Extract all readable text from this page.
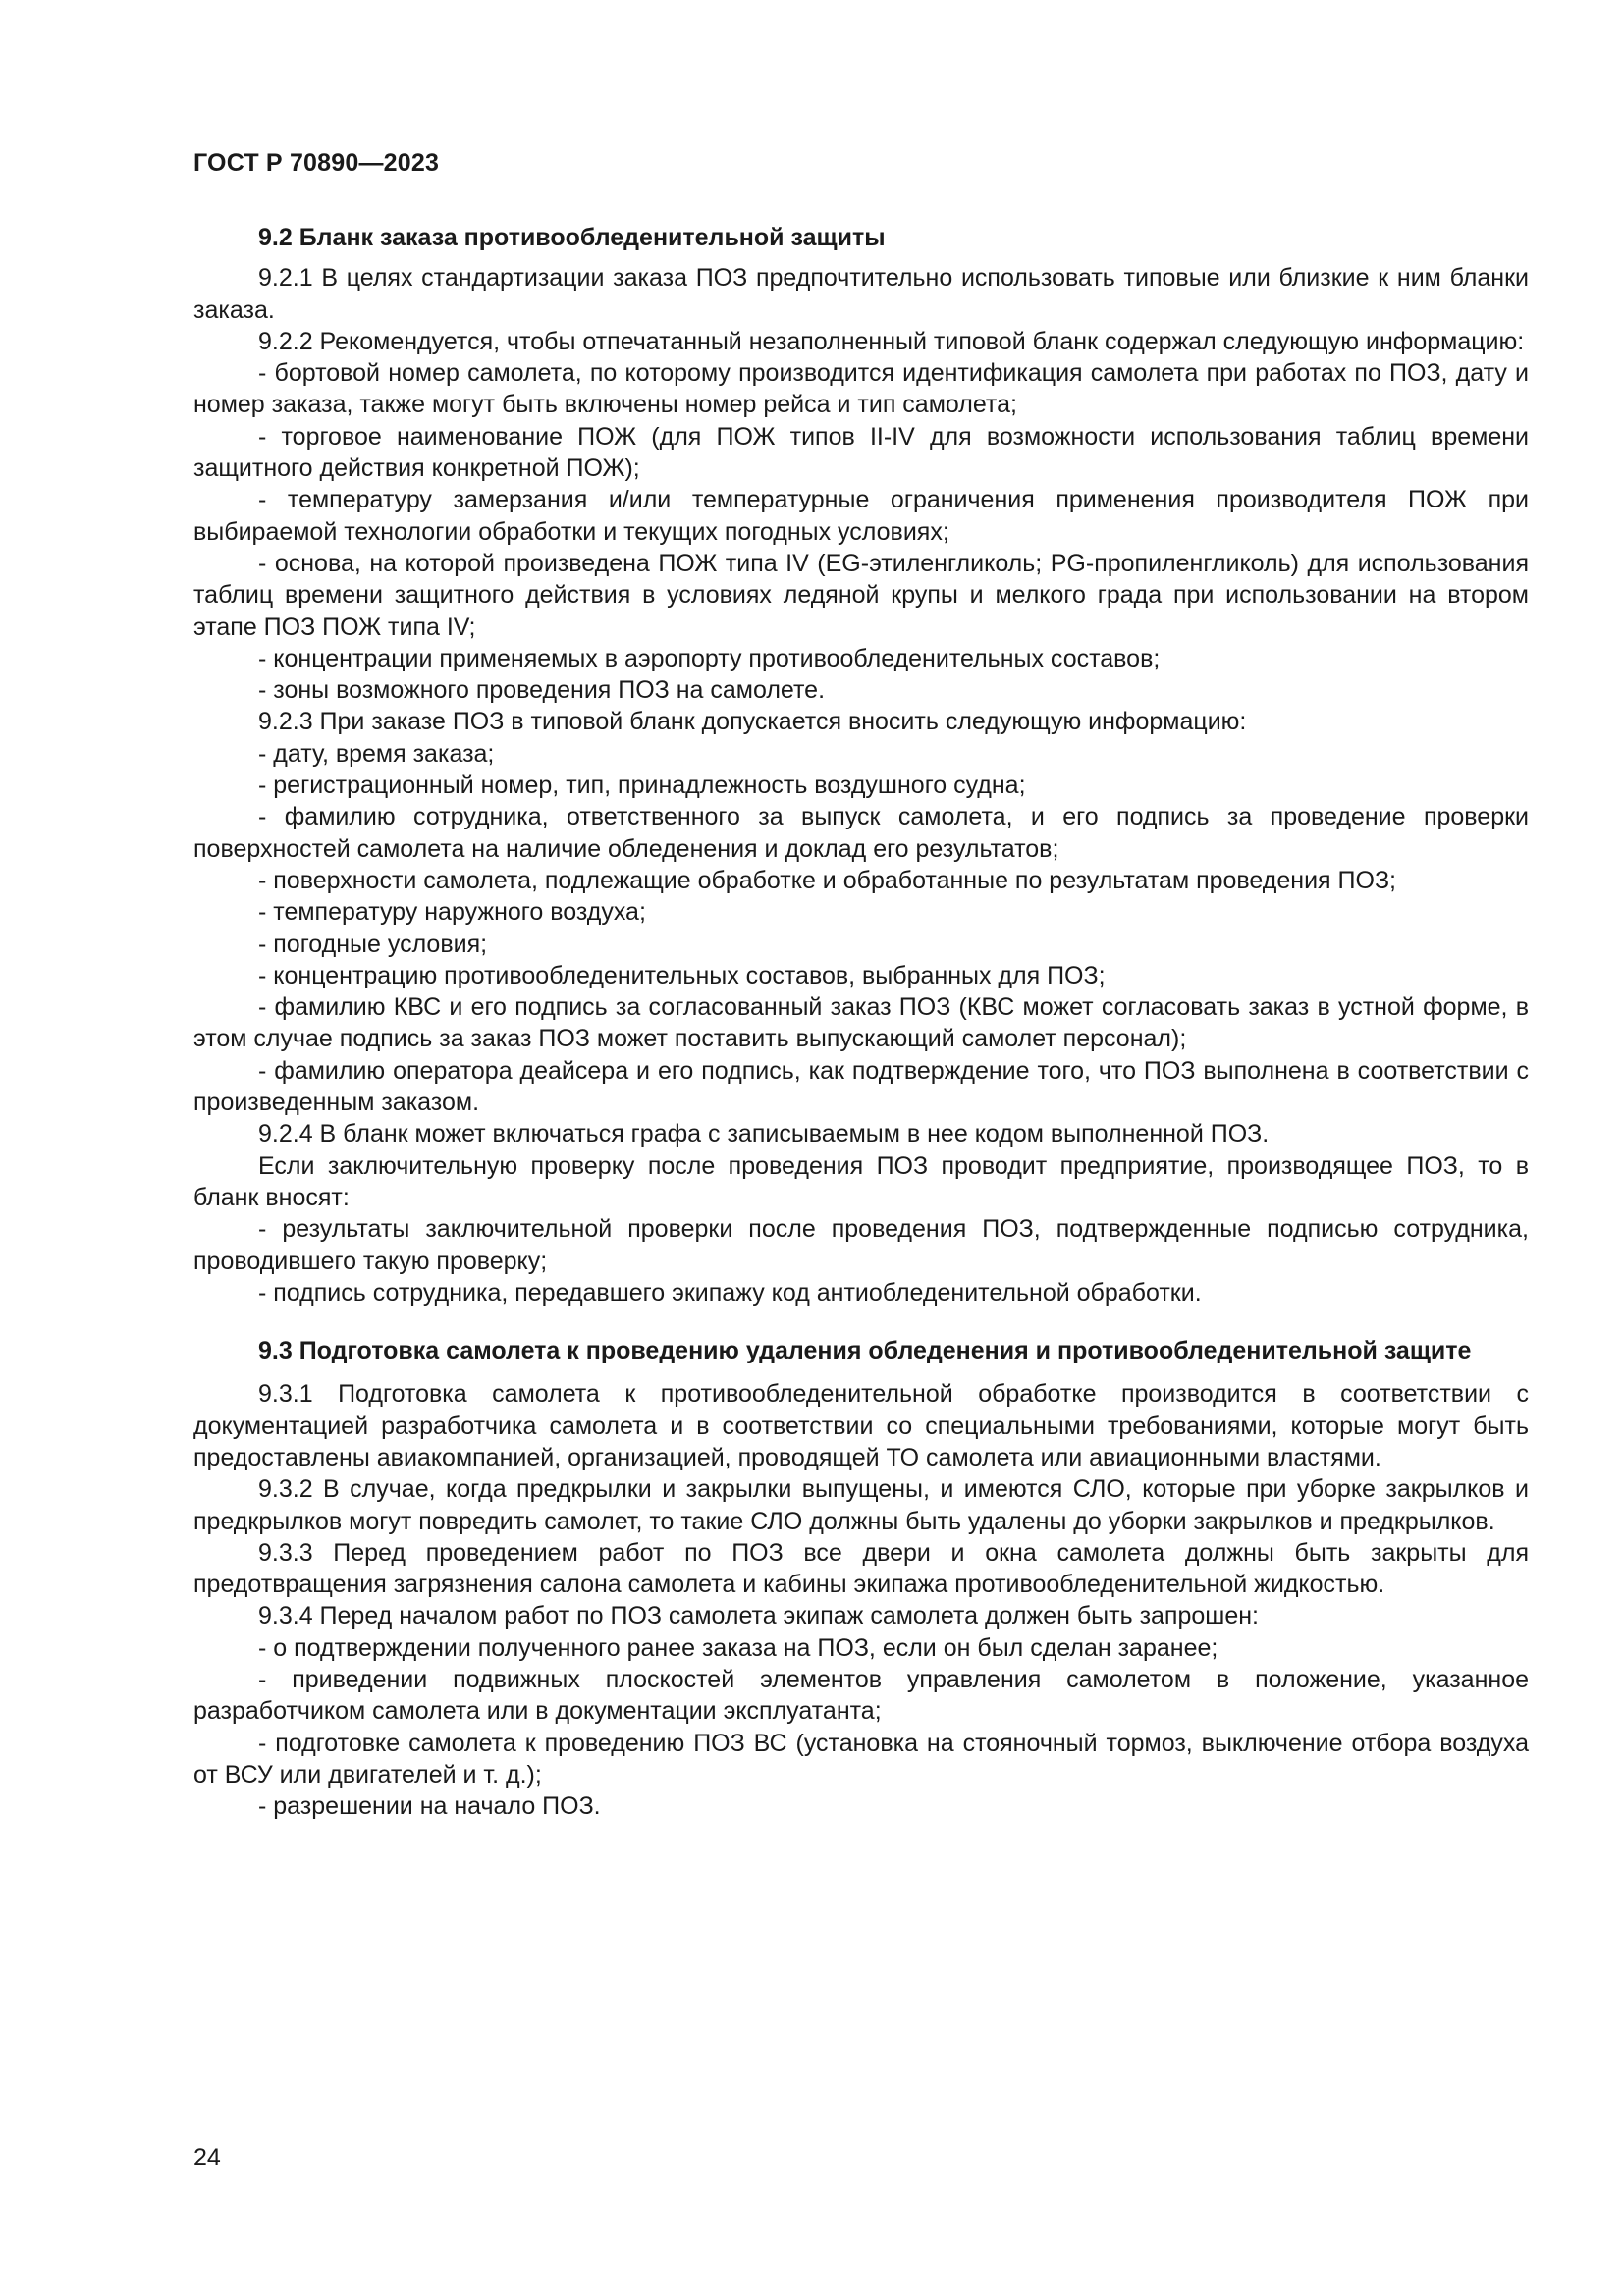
ГОСТ Р 70890—2023
9.2 Бланк заказа противообледенительной защиты

9.2.1 В целях стандартизации заказа ПОЗ предпочтительно использовать типовые или близкие к ним бланки заказа.

9.2.2 Рекомендуется, чтобы отпечатанный незаполненный типовой бланк содержал следующую информацию:

- бортовой номер самолета, по которому производится идентификация самолета при работах по ПОЗ, дату и номер заказа, также могут быть включены номер рейса и тип самолета;

- торговое наименование ПОЖ (для ПОЖ типов II-IV для возможности использования таблиц времени защитного действия конкретной ПОЖ);

- температуру замерзания и/или температурные ограничения применения производителя ПОЖ при выбираемой технологии обработки и текущих погодных условиях;

- основа, на которой произведена ПОЖ типа IV (EG-этиленгликоль; PG-пропиленгликоль) для использования таблиц времени защитного действия в условиях ледяной крупы и мелкого града при использовании на втором этапе ПОЗ ПОЖ типа IV;

- концентрации применяемых в аэропорту противообледенительных составов;

- зоны возможного проведения ПОЗ на самолете.

9.2.3 При заказе ПОЗ в типовой бланк допускается вносить следующую информацию:

- дату, время заказа;

- регистрационный номер, тип, принадлежность воздушного судна;

- фамилию сотрудника, ответственного за выпуск самолета, и его подпись за проведение проверки поверхностей самолета на наличие обледенения и доклад его результатов;

- поверхности самолета, подлежащие обработке и обработанные по результатам проведения ПОЗ;

- температуру наружного воздуха;

- погодные условия;

- концентрацию противообледенительных составов, выбранных для ПОЗ;

- фамилию КВС и его подпись за согласованный заказ ПОЗ (КВС может согласовать заказ в устной форме, в этом случае подпись за заказ ПОЗ может поставить выпускающий самолет персонал);

- фамилию оператора деайсера и его подпись, как подтверждение того, что ПОЗ выполнена в соответствии с произведенным заказом.

9.2.4 В бланк может включаться графа с записываемым в нее кодом выполненной ПОЗ.

Если заключительную проверку после проведения ПОЗ проводит предприятие, производящее ПОЗ, то в бланк вносят:

- результаты заключительной проверки после проведения ПОЗ, подтвержденные подписью сотрудника, проводившего такую проверку;

- подпись сотрудника, передавшего экипажу код антиобледенительной обработки.

9.3 Подготовка самолета к проведению удаления обледенения и противообледенительной защите

9.3.1 Подготовка самолета к противообледенительной обработке производится в соответствии с документацией разработчика самолета и в соответствии со специальными требованиями, которые могут быть предоставлены авиакомпанией, организацией, проводящей ТО самолета или авиационными властями.

9.3.2 В случае, когда предкрылки и закрылки выпущены, и имеются СЛО, которые при уборке закрылков и предкрылков могут повредить самолет, то такие СЛО должны быть удалены до уборки закрылков и предкрылков.

9.3.3 Перед проведением работ по ПОЗ все двери и окна самолета должны быть закрыты для предотвращения загрязнения салона самолета и кабины экипажа противообледенительной жидкостью.

9.3.4 Перед началом работ по ПОЗ самолета экипаж самолета должен быть запрошен:

- о подтверждении полученного ранее заказа на ПОЗ, если он был сделан заранее;

- приведении подвижных плоскостей элементов управления самолетом в положение, указанное разработчиком самолета или в документации эксплуатанта;

- подготовке самолета к проведению ПОЗ ВС (установка на стояночный тормоз, выключение отбора воздуха от ВСУ или двигателей и т. д.);

- разрешении на начало ПОЗ.

24
